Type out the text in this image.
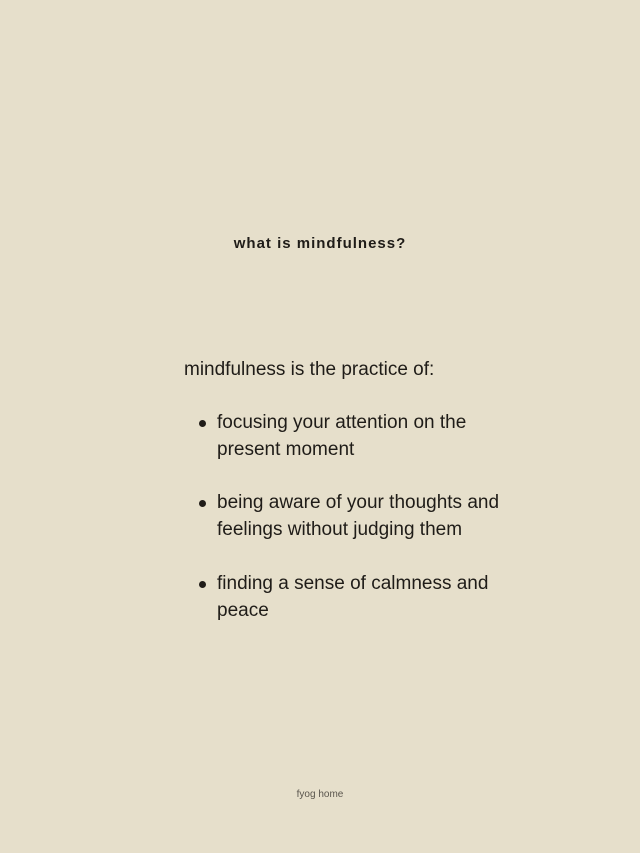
what is mindfulness?

mindfulness is the practice of:

focusing your attention on the present moment
being aware of your thoughts and feelings without judging them
finding a sense of calmness and peace

fyog home
